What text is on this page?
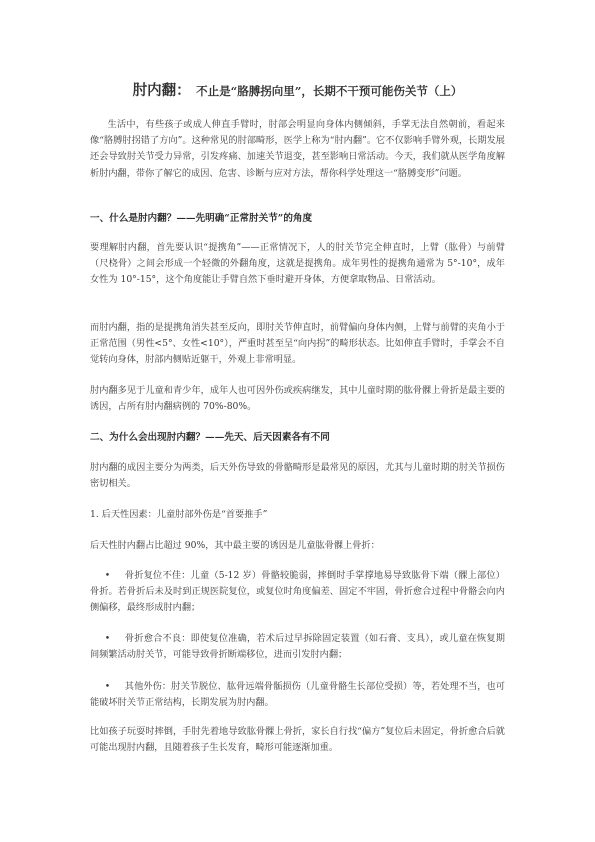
肘内翻： 不止是“胳膊拐向里”，长期不干预可能伤关节（上）

生活中，有些孩子或成人伸直手臂时，肘部会明显向身体内侧倾斜，手掌无法自然朝前，看起来像“胳膊肘拐错了方向”。这种常见的肘部畸形，医学上称为“肘内翻”。它不仅影响手臂外观，长期发展还会导致肘关节受力异常，引发疼痛、加速关节退变，甚至影响日常活动。今天，我们就从医学角度解析肘内翻，带你了解它的成因、危害、诊断与应对方法，帮你科学处理这一“胳膊变形”问题。

一、什么是肘内翻？——先明确“正常肘关节”的角度

要理解肘内翻，首先要认识“提携角”——正常情况下，人的肘关节完全伸直时，上臂（肱骨）与前臂（尺桡骨）之间会形成一个轻微的外翻角度，这就是提携角。成年男性的提携角通常为 5°-10°，成年女性为 10°-15°，这个角度能让手臂自然下垂时避开身体，方便拿取物品、日常活动。

而肘内翻，指的是提携角消失甚至反向，即肘关节伸直时，前臂偏向身体内侧，上臂与前臂的夹角小于正常范围（男性<5°、女性<10°），严重时甚至呈“向内拐”的畸形状态。比如伸直手臂时，手掌会不自觉转向身体，肘部内侧贴近躯干，外观上非常明显。

肘内翻多见于儿童和青少年，成年人也可因外伤或疾病继发，其中儿童时期的肱骨髁上骨折是最主要的诱因，占所有肘内翻病例的 70%-80%。

二、为什么会出现肘内翻？——先天、后天因素各有不同

肘内翻的成因主要分为两类，后天外伤导致的骨骼畸形是最常见的原因，尤其与儿童时期的肘关节损伤密切相关。

1. 后天性因素：儿童肘部外伤是“首要推手”

后天性肘内翻占比超过 90%，其中最主要的诱因是儿童肱骨髁上骨折：

• 骨折复位不佳：儿童（5-12 岁）骨骼较脆弱，摔倒时手掌撑地易导致肱骨下端（髁上部位）骨折。若骨折后未及时到正规医院复位，或复位时角度偏差、固定不牢固，骨折愈合过程中骨骼会向内侧偏移，最终形成肘内翻；

• 骨折愈合不良：即使复位准确，若术后过早拆除固定装置（如石膏、支具），或儿童在恢复期间频繁活动肘关节，可能导致骨折断端移位，进而引发肘内翻；

• 其他外伤：肘关节脱位、肱骨远端骨骺损伤（儿童骨骼生长部位受损）等，若处理不当，也可能破坏肘关节正常结构，长期发展为肘内翻。

比如孩子玩耍时摔倒，手肘先着地导致肱骨髁上骨折，家长自行找“偏方”复位后未固定，骨折愈合后就可能出现肘内翻，且随着孩子生长发育，畸形可能逐渐加重。
